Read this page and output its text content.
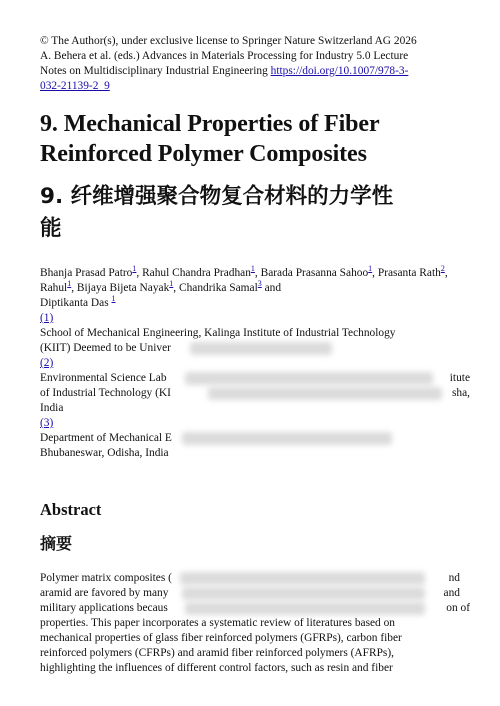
© The Author(s), under exclusive license to Springer Nature Switzerland AG 2026
A. Behera et al. (eds.) Advances in Materials Processing for Industry 5.0 Lecture
Notes on Multidisciplinary Industrial Engineering https://doi.org/10.1007/978-3-
032-21139-2_9
9. Mechanical Properties of Fiber
Reinforced Polymer Composites
9. 纤维增强聚合物复合材料的力学性
能
Bhanja Prasad Patro$^1$, Rahul Chandra Pradhan$^1$, Barada Prasanna Sahoo$^1$, Prasanta Rath$^2$, Rahul$^1$, Bijaya Bijeta Nayak$^1$, Chandrika Samal$^3$ and
Diptikanta Das $^1$
(1)
School of Mechanical Engineering, Kalinga Institute of Industrial Technology
(KIIT) Deemed to be Univer
(2)
Environmental Science Lab	itute
of Industrial Technology (KI	sha,
India
(3)
Department of Mechanical E
Bhubaneswar, Odisha, India
Abstract
摘要
Polymer matrix composites (	nd
aramid are favored by many	and
military applications becaus	on of
properties. This paper incorporates a systematic review of literatures based on
mechanical properties of glass fiber reinforced polymers (GFRPs), carbon fiber
reinforced polymers (CFRPs) and aramid fiber reinforced polymers (AFRPs),
highlighting the influences of different control factors, such as resin and fiber
